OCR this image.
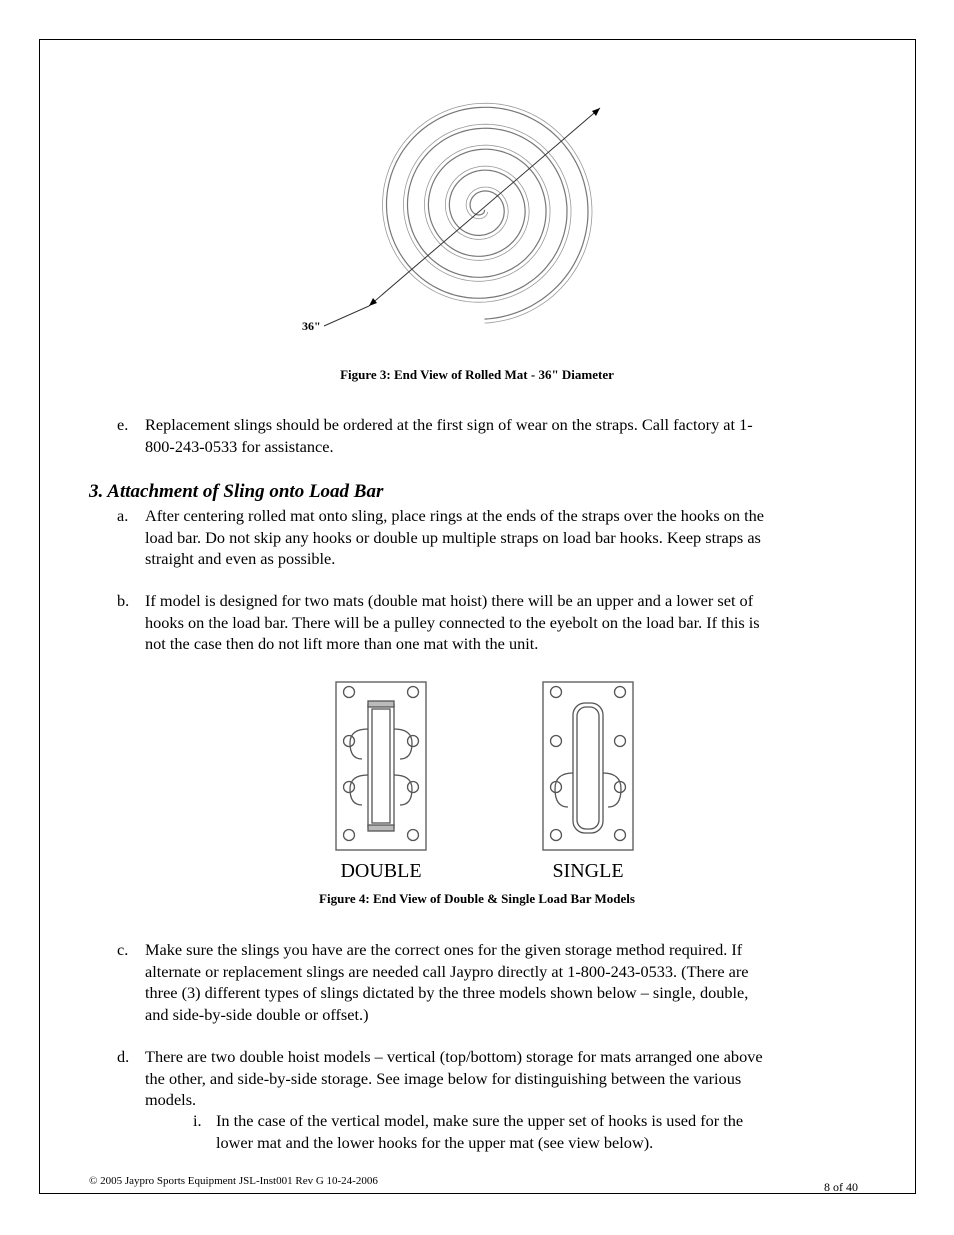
36"
Figure 3: End View of Rolled Mat - 36" Diameter
e. Replacement slings should be ordered at the first sign of wear on the straps. Call factory at 1-
800-243-0533 for assistance.
3. Attachment of Sling onto Load Bar
a. After centering rolled mat onto sling, place rings at the ends of the straps over the hooks on the
load bar. Do not skip any hooks or double up multiple straps on load bar hooks. Keep straps as
straight and even as possible.
b. If model is designed for two mats (double mat hoist) there will be an upper and a lower set of
hooks on the load bar. There will be a pulley connected to the eyebolt on the load bar. If this is
not the case then do not lift more than one mat with the unit.
DOUBLE	SINGLE
Figure 4: End View of Double & Single Load Bar Models
c. Make sure the slings you have are the correct ones for the given storage method required. If
alternate or replacement slings are needed call Jaypro directly at 1-800-243-0533. (There are
three (3) different types of slings dictated by the three models shown below – single, double,
and side-by-side double or offset.)
d. There are two double hoist models – vertical (top/bottom) storage for mats arranged one above
the other, and side-by-side storage. See image below for distinguishing between the various
models.
i. In the case of the vertical model, make sure the upper set of hooks is used for the
lower mat and the lower hooks for the upper mat (see view below).
© 2005 Jaypro Sports Equipment JSL-Inst001 Rev G 10-24-2006	8 of 40
